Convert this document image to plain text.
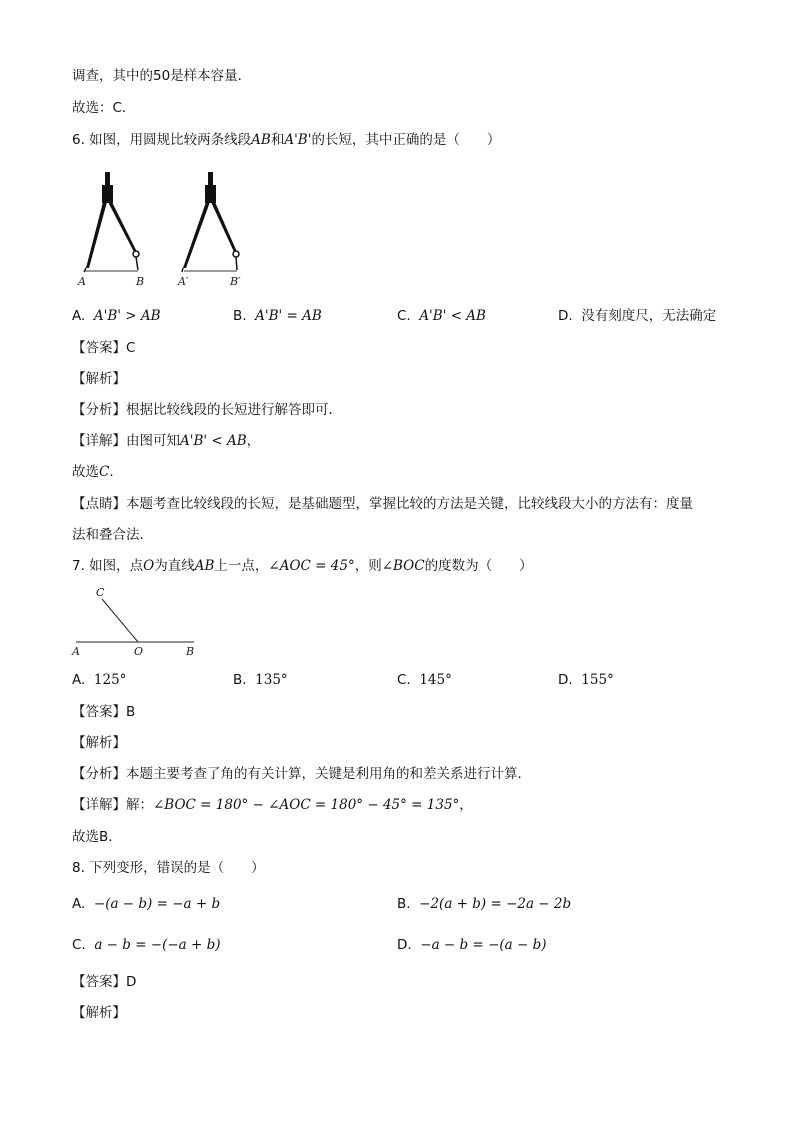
调查，其中的50是样本容量．
故选：C．
6. 如图，用圆规比较两条线段AB和A'B'的长短，其中正确的是（　　）
A	B	A′	B′
A. A'B' > AB	B. A'B' = AB	C. A'B' < AB	D. 没有刻度尺，无法确定
【答案】C
【解析】
【分析】根据比较线段的长短进行解答即可．
【详解】由图可知A'B' < AB，
故选C.
【点睛】本题考查比较线段的长短，是基础题型，掌握比较的方法是关键，比较线段大小的方法有：度量
法和叠合法.
7. 如图，点O为直线AB上一点，∠AOC = 45°，则∠BOC的度数为（　　）
C
A	O	B
A. 125°	B. 135°	C. 145°	D. 155°
【答案】B
【解析】
【分析】本题主要考查了角的有关计算，关键是利用角的和差关系进行计算．
【详解】解：∠BOC = 180° − ∠AOC = 180° − 45° = 135°，
故选B．
8. 下列变形，错误的是（　　）
A. −(a − b) = −a + b	B. −2(a + b) = −2a − 2b
C. a − b = −(−a + b)	D. −a − b = −(a − b)
【答案】D
【解析】
